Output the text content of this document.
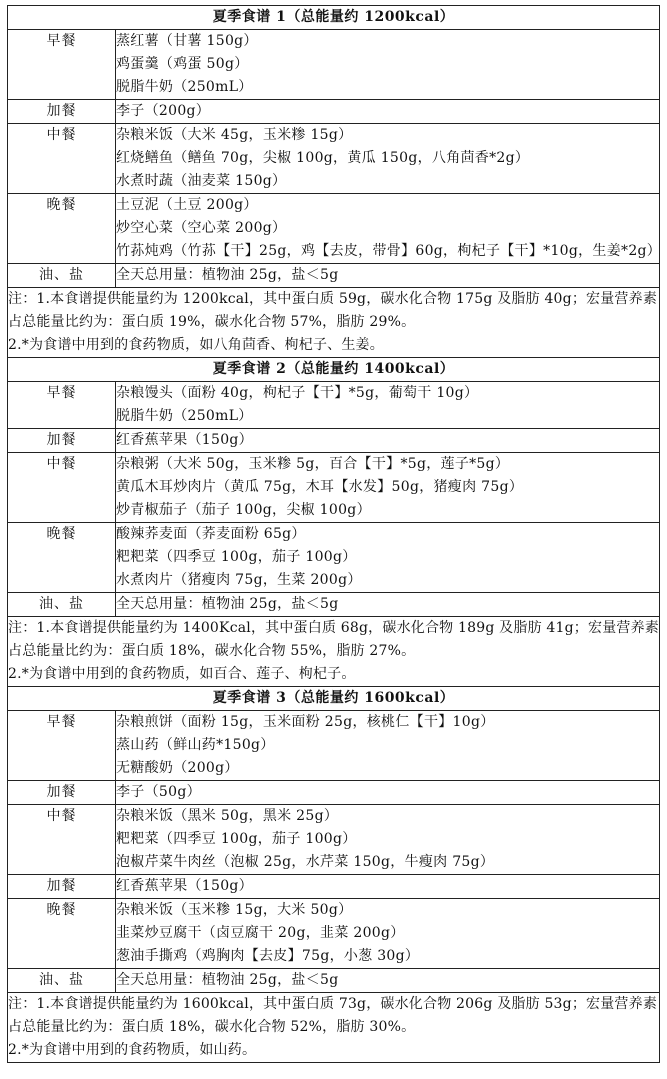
夏季食谱 1（总能量约 1200kcal）	
早餐	蒸红薯（甘薯 150g）
鸡蛋羹（鸡蛋 50g）
脱脂牛奶（250mL）

加餐	李子（200g）

中餐	杂粮米饭（大米 45g，玉米糁 15g）
红烧鳝鱼（鳝鱼 70g，尖椒 100g，黄瓜 150g，八角茴香*2g）
水煮时蔬（油麦菜 150g）

晚餐	土豆泥（土豆 200g）
炒空心菜（空心菜 200g）
竹荪炖鸡（竹荪【干】25g，鸡【去皮，带骨】60g，枸杞子【干】*10g，生姜*2g）

油、盐	全天总用量：植物油 25g，盐＜5g

注：1.本食谱提供能量约为 1200kcal，其中蛋白质 59g，碳水化合物 175g 及脂肪 40g；宏量营养素占总能量比约为：蛋白质 19%，碳水化合物 57%，脂肪 29%。
2.*为食谱中用到的食药物质，如八角茴香、枸杞子、生姜。	

夏季食谱 2（总能量约 1400kcal）	
早餐	杂粮馒头（面粉 40g，枸杞子【干】*5g，葡萄干 10g）
脱脂牛奶（250mL）

加餐	红香蕉苹果（150g）

中餐	杂粮粥（大米 50g，玉米糁 5g，百合【干】*5g，莲子*5g）
黄瓜木耳炒肉片（黄瓜 75g，木耳【水发】50g，猪瘦肉 75g）
炒青椒茄子（茄子 100g，尖椒 100g）

晚餐	酸辣荞麦面（荞麦面粉 65g）
粑粑菜（四季豆 100g，茄子 100g）
水煮肉片（猪瘦肉 75g，生菜 200g）

油、盐	全天总用量：植物油 25g，盐＜5g

注：1.本食谱提供能量约为 1400Kcal，其中蛋白质 68g，碳水化合物 189g 及脂肪 41g；宏量营养素占总能量比约为：蛋白质 18%，碳水化合物 55%，脂肪 27%。
2.*为食谱中用到的食药物质，如百合、莲子、枸杞子。	

夏季食谱 3（总能量约 1600kcal）	
早餐	杂粮煎饼（面粉 15g，玉米面粉 25g，核桃仁【干】10g）
蒸山药（鲜山药*150g）
无糖酸奶（200g）

加餐	李子（50g）

中餐	杂粮米饭（黑米 50g，黑米 25g）
粑粑菜（四季豆 100g，茄子 100g）
泡椒芹菜牛肉丝（泡椒 25g，水芹菜 150g，牛瘦肉 75g）

加餐	红香蕉苹果（150g）

晚餐	杂粮米饭（玉米糁 15g，大米 50g）
韭菜炒豆腐干（卤豆腐干 20g，韭菜 200g）
葱油手撕鸡（鸡胸肉【去皮】75g，小葱 30g）

油、盐	全天总用量：植物油 25g，盐＜5g

注：1.本食谱提供能量约为 1600kcal，其中蛋白质 73g，碳水化合物 206g 及脂肪 53g；宏量营养素占总能量比约为：蛋白质 18%，碳水化合物 52%，脂肪 30%。
2.*为食谱中用到的食药物质，如山药。	
